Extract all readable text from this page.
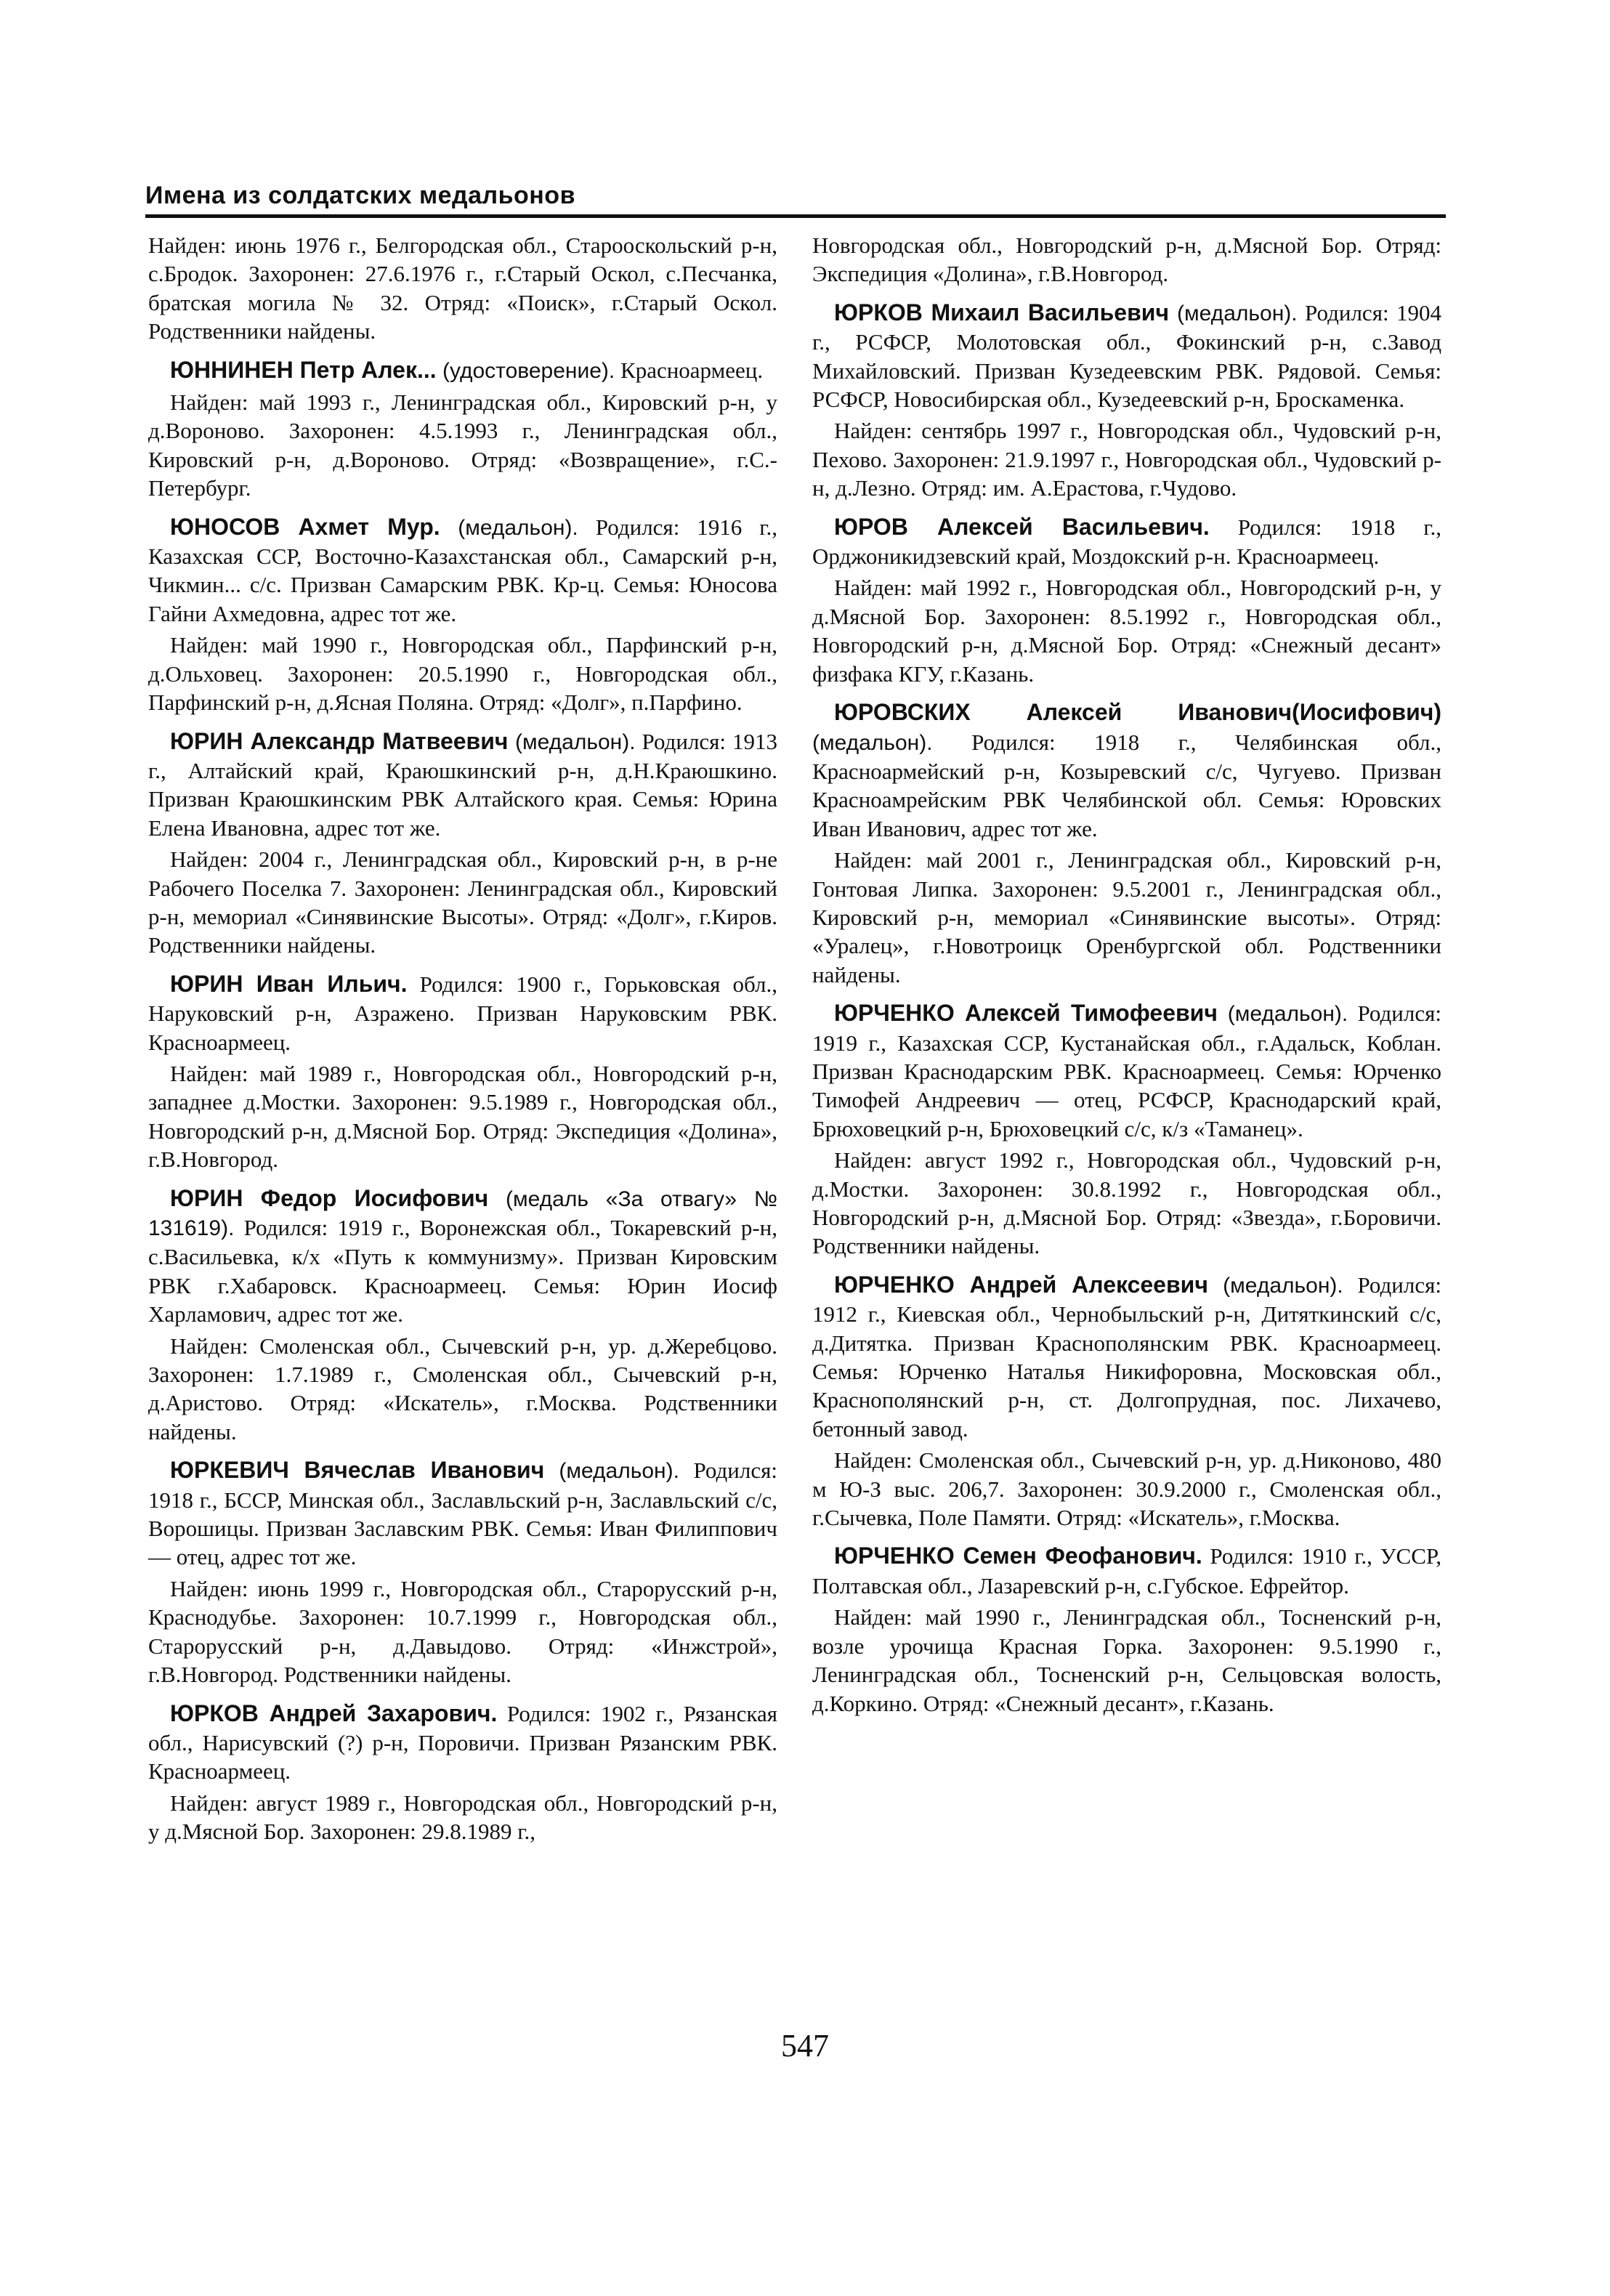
Имена из солдатских медальонов

Найден: июнь 1976 г., Белгородская обл., Старооскольский р-н, с.Бродок. Захоронен: 27.6.1976 г., г.Старый Оскол, с.Песчанка, братская могила № 32. Отряд: «Поиск», г.Старый Оскол. Родственники найдены.

ЮННИНЕН Петр Алек... (удостоверение). Красноармеец.

Найден: май 1993 г., Ленинградская обл., Кировский р-н, у д.Вороново. Захоронен: 4.5.1993 г., Ленинградская обл., Кировский р-н, д.Вороново. Отряд: «Возвращение», г.С.-Петербург.

ЮНОСОВ Ахмет Мур. (медальон). Родился: 1916 г., Казахская ССР, Восточно-Казахстанская обл., Самарский р-н, Чикмин... с/с. Призван Самарским РВК. Кр-ц. Семья: Юносова Гайни Ахмедовна, адрес тот же.

Найден: май 1990 г., Новгородская обл., Парфинский р-н, д.Ольховец. Захоронен: 20.5.1990 г., Новгородская обл., Парфинский р-н, д.Ясная Поляна. Отряд: «Долг», п.Парфино.

ЮРИН Александр Матвеевич (медальон). Родился: 1913 г., Алтайский край, Краюшкинский р-н, д.Н.Краюшкино. Призван Краюшкинским РВК Алтайского края. Семья: Юрина Елена Ивановна, адрес тот же.

Найден: 2004 г., Ленинградская обл., Кировский р-н, в р-не Рабочего Поселка 7. Захоронен: Ленинградская обл., Кировский р-н, мемориал «Синявинские Высоты». Отряд: «Долг», г.Киров. Родственники найдены.

ЮРИН Иван Ильич. Родился: 1900 г., Горьковская обл., Наруковский р-н, Азражено. Призван Наруковским РВК. Красноармеец.

Найден: май 1989 г., Новгородская обл., Новгородский р-н, западнее д.Мостки. Захоронен: 9.5.1989 г., Новгородская обл., Новгородский р-н, д.Мясной Бор. Отряд: Экспедиция «Долина», г.В.Новгород.

ЮРИН Федор Иосифович (медаль «За отвагу» № 131619). Родился: 1919 г., Воронежская обл., Токаревский р-н, с.Васильевка, к/х «Путь к коммунизму». Призван Кировским РВК г.Хабаровск. Красноармеец. Семья: Юрин Иосиф Харламович, адрес тот же.

Найден: Смоленская обл., Сычевский р-н, ур. д.Жеребцово. Захоронен: 1.7.1989 г., Смоленская обл., Сычевский р-н, д.Аристово. Отряд: «Искатель», г.Москва. Родственники найдены.

ЮРКЕВИЧ Вячеслав Иванович (медальон). Родился: 1918 г., БССР, Минская обл., Заславльский р-н, Заславльский с/с, Ворошицы. Призван Заславским РВК. Семья: Иван Филиппович — отец, адрес тот же.

Найден: июнь 1999 г., Новгородская обл., Старорусский р-н, Краснодубье. Захоронен: 10.7.1999 г., Новгородская обл., Старорусский р-н, д.Давыдово. Отряд: «Инжстрой», г.В.Новгород. Родственники найдены.

ЮРКОВ Андрей Захарович. Родился: 1902 г., Рязанская обл., Нарисувский (?) р-н, Поровичи. Призван Рязанским РВК. Красноармеец.

Найден: август 1989 г., Новгородская обл., Новгородский р-н, у д.Мясной Бор. Захоронен: 29.8.1989 г.,

Новгородская обл., Новгородский р-н, д.Мясной Бор. Отряд: Экспедиция «Долина», г.В.Новгород.

ЮРКОВ Михаил Васильевич (медальон). Родился: 1904 г., РСФСР, Молотовская обл., Фокинский р-н, с.Завод Михайловский. Призван Кузедеевским РВК. Рядовой. Семья: РСФСР, Новосибирская обл., Кузедеевский р-н, Броскаменка.

Найден: сентябрь 1997 г., Новгородская обл., Чудовский р-н, Пехово. Захоронен: 21.9.1997 г., Новгородская обл., Чудовский р-н, д.Лезно. Отряд: им. А.Ерастова, г.Чудово.

ЮРОВ Алексей Васильевич. Родился: 1918 г., Орджоникидзевский край, Моздокский р-н. Красноармеец.

Найден: май 1992 г., Новгородская обл., Новгородский р-н, у д.Мясной Бор. Захоронен: 8.5.1992 г., Новгородская обл., Новгородский р-н, д.Мясной Бор. Отряд: «Снежный десант» физфака КГУ, г.Казань.

ЮРОВСКИХ Алексей Иванович(Иосифович) (медальон). Родился: 1918 г., Челябинская обл., Красноармейский р-н, Козыревский с/с, Чугуево. Призван Красноамрейским РВК Челябинской обл. Семья: Юровских Иван Иванович, адрес тот же.

Найден: май 2001 г., Ленинградская обл., Кировский р-н, Гонтовая Липка. Захоронен: 9.5.2001 г., Ленинградская обл., Кировский р-н, мемориал «Синявинские высоты». Отряд: «Уралец», г.Новотроицк Оренбургской обл. Родственники найдены.

ЮРЧЕНКО Алексей Тимофеевич (медальон). Родился: 1919 г., Казахская ССР, Кустанайская обл., г.Адальск, Коблан. Призван Краснодарским РВК. Красноармеец. Семья: Юрченко Тимофей Андреевич — отец, РСФСР, Краснодарский край, Брюховецкий р-н, Брюховецкий с/с, к/з «Таманец».

Найден: август 1992 г., Новгородская обл., Чудовский р-н, д.Мостки. Захоронен: 30.8.1992 г., Новгородская обл., Новгородский р-н, д.Мясной Бор. Отряд: «Звезда», г.Боровичи. Родственники найдены.

ЮРЧЕНКО Андрей Алексеевич (медальон). Родился: 1912 г., Киевская обл., Чернобыльский р-н, Дитяткинский с/с, д.Дитятка. Призван Краснополянским РВК. Красноармеец. Семья: Юрченко Наталья Никифоровна, Московская обл., Краснополянский р-н, ст. Долгопрудная, пос. Лихачево, бетонный завод.

Найден: Смоленская обл., Сычевский р-н, ур. д.Никоново, 480 м Ю-З выс. 206,7. Захоронен: 30.9.2000 г., Смоленская обл., г.Сычевка, Поле Памяти. Отряд: «Искатель», г.Москва.

ЮРЧЕНКО Семен Феофанович. Родился: 1910 г., УССР, Полтавская обл., Лазаревский р-н, с.Губское. Ефрейтор.

Найден: май 1990 г., Ленинградская обл., Тосненский р-н, возле урочища Красная Горка. Захоронен: 9.5.1990 г., Ленинградская обл., Тосненский р-н, Сельцовская волость, д.Коркино. Отряд: «Снежный десант», г.Казань.

547
